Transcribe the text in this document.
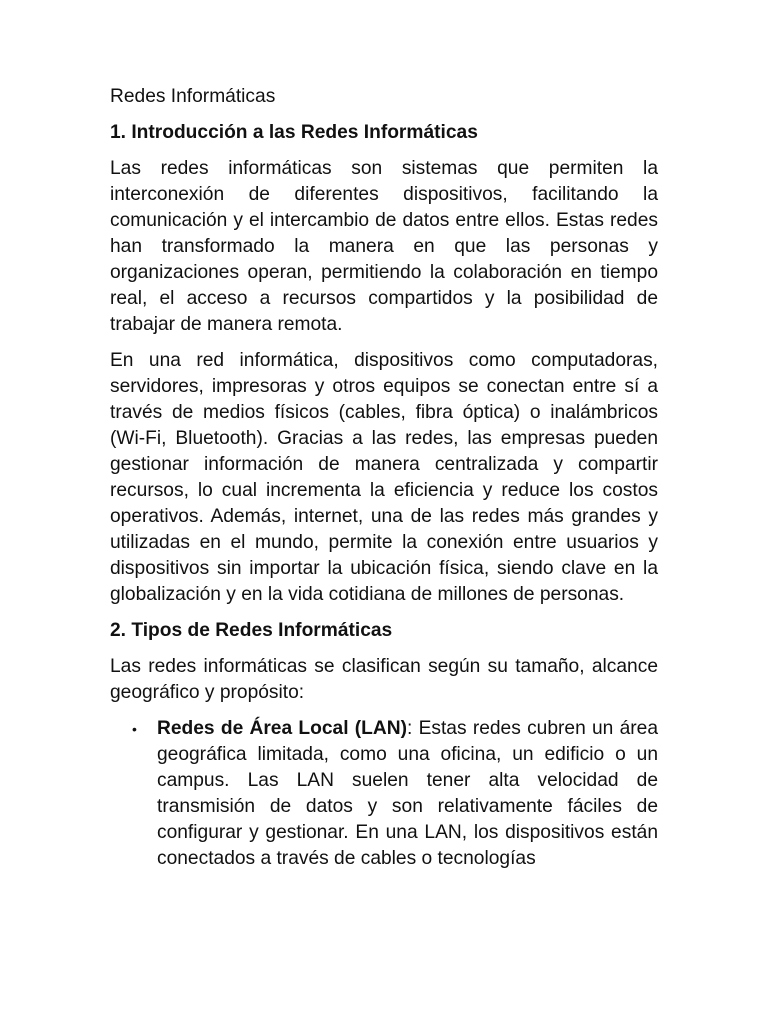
Redes Informáticas
1. Introducción a las Redes Informáticas

Las redes informáticas son sistemas que permiten la interconexión de diferentes dispositivos, facilitando la comunicación y el intercambio de datos entre ellos. Estas redes han transformado la manera en que las personas y organizaciones operan, permitiendo la colaboración en tiempo real, el acceso a recursos compartidos y la posibilidad de trabajar de manera remota.

En una red informática, dispositivos como computadoras, servidores, impresoras y otros equipos se conectan entre sí a través de medios físicos (cables, fibra óptica) o inalámbricos (Wi-Fi, Bluetooth). Gracias a las redes, las empresas pueden gestionar información de manera centralizada y compartir recursos, lo cual incrementa la eficiencia y reduce los costos operativos. Además, internet, una de las redes más grandes y utilizadas en el mundo, permite la conexión entre usuarios y dispositivos sin importar la ubicación física, siendo clave en la globalización y en la vida cotidiana de millones de personas.

2. Tipos de Redes Informáticas

Las redes informáticas se clasifican según su tamaño, alcance geográfico y propósito:

• Redes de Área Local (LAN): Estas redes cubren un área geográfica limitada, como una oficina, un edificio o un campus. Las LAN suelen tener alta velocidad de transmisión de datos y son relativamente fáciles de configurar y gestionar. En una LAN, los dispositivos están conectados a través de cables o tecnologías
